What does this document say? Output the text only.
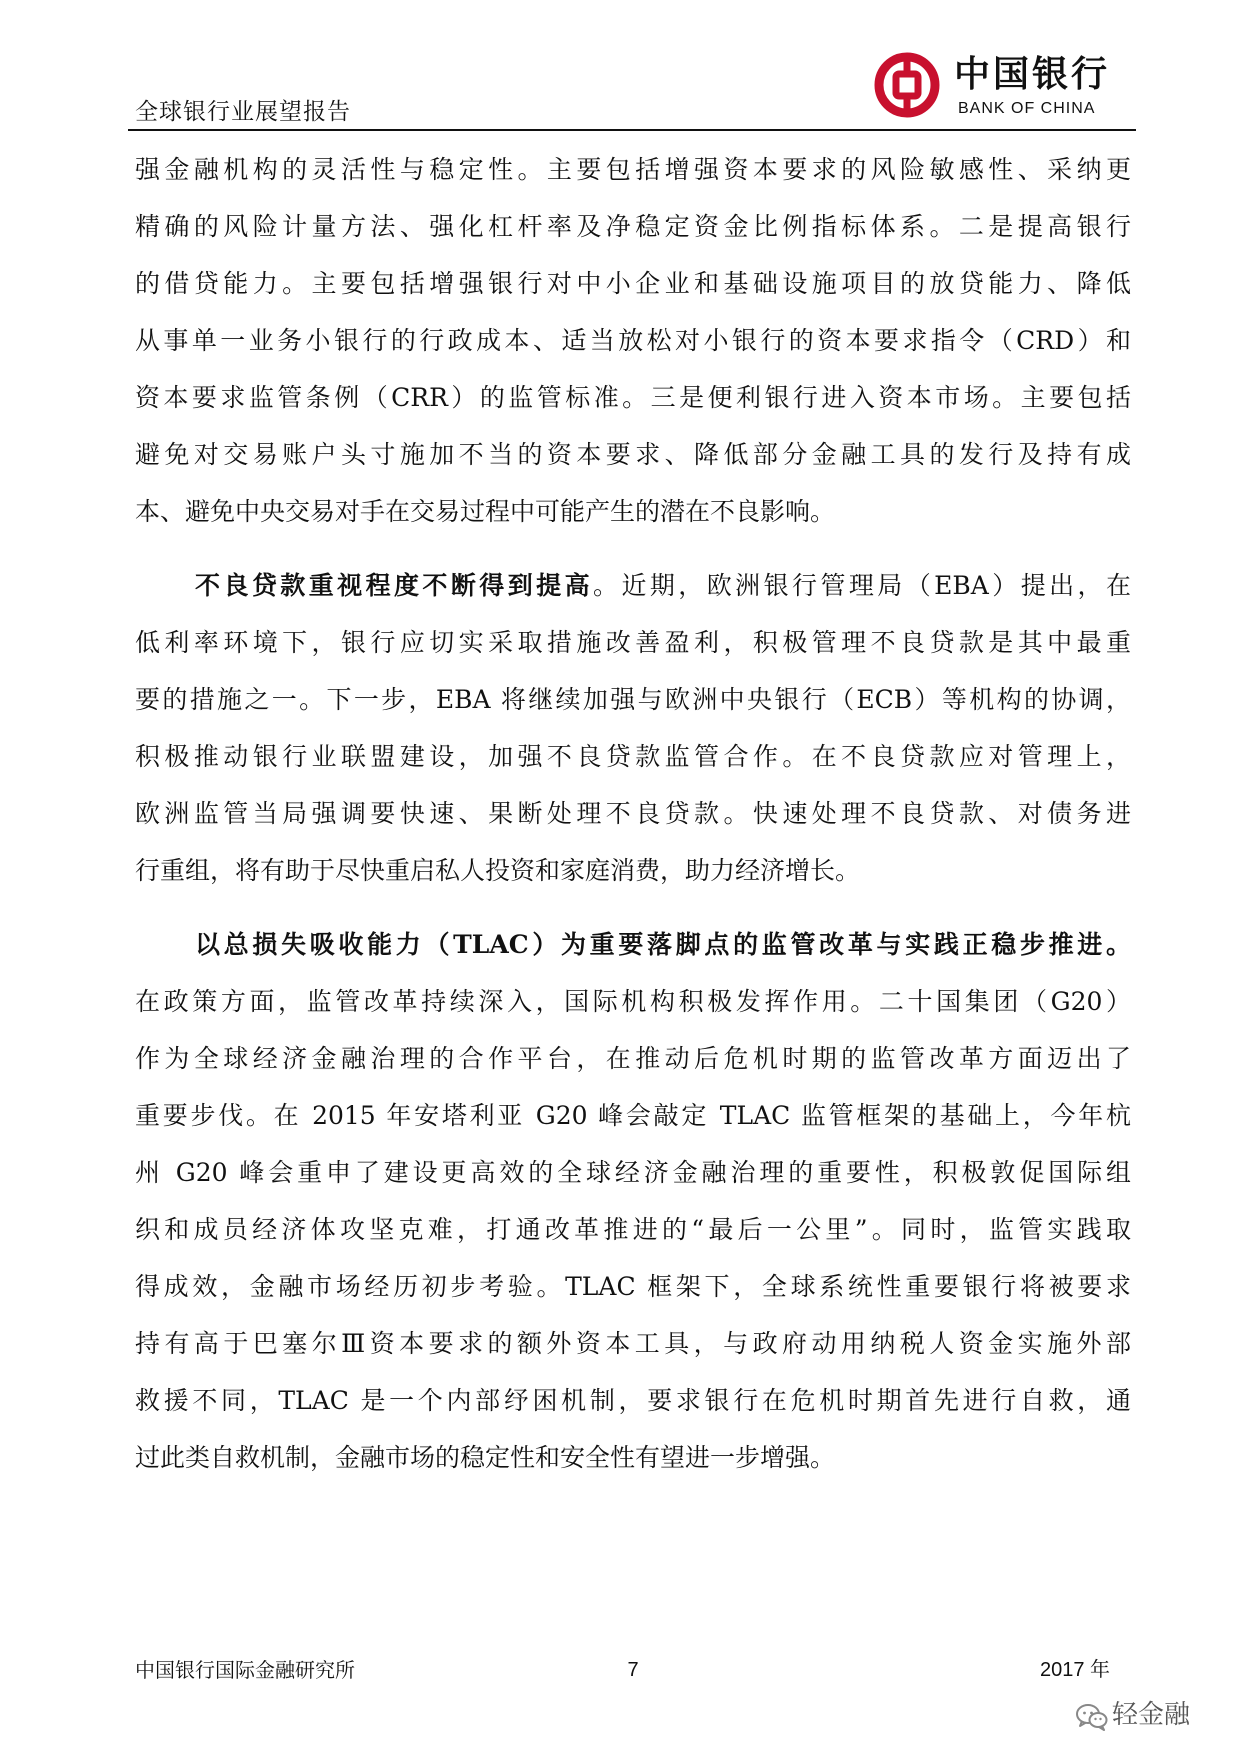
全球银行业展望报告
中国银行
BANK OF CHINA
强金融机构的灵活性与稳定性。主要包括增强资本要求的风险敏感性、采纳更
精确的风险计量方法、强化杠杆率及净稳定资金比例指标体系。二是提高银行
的借贷能力。主要包括增强银行对中小企业和基础设施项目的放贷能力、降低
从事单一业务小银行的行政成本、适当放松对小银行的资本要求指令（CRD）和
资本要求监管条例（CRR）的监管标准。三是便利银行进入资本市场。主要包括
避免对交易账户头寸施加不当的资本要求、降低部分金融工具的发行及持有成
本、避免中央交易对手在交易过程中可能产生的潜在不良影响。
不良贷款重视程度不断得到提高。近期，欧洲银行管理局（EBA）提出，在
低利率环境下，银行应切实采取措施改善盈利，积极管理不良贷款是其中最重
要的措施之一。下一步，EBA 将继续加强与欧洲中央银行（ECB）等机构的协调，
积极推动银行业联盟建设，加强不良贷款监管合作。在不良贷款应对管理上，
欧洲监管当局强调要快速、果断处理不良贷款。快速处理不良贷款、对债务进
行重组，将有助于尽快重启私人投资和家庭消费，助力经济增长。
以总损失吸收能力（TLAC）为重要落脚点的监管改革与实践正稳步推进。
在政策方面，监管改革持续深入，国际机构积极发挥作用。二十国集团（G20）
作为全球经济金融治理的合作平台，在推动后危机时期的监管改革方面迈出了
重要步伐。在 2015 年安塔利亚 G20 峰会敲定 TLAC 监管框架的基础上，今年杭
州 G20 峰会重申了建设更高效的全球经济金融治理的重要性，积极敦促国际组
织和成员经济体攻坚克难，打通改革推进的“最后一公里”。同时，监管实践取
得成效，金融市场经历初步考验。TLAC 框架下，全球系统性重要银行将被要求
持有高于巴塞尔Ⅲ资本要求的额外资本工具，与政府动用纳税人资金实施外部
救援不同，TLAC 是一个内部纾困机制，要求银行在危机时期首先进行自救，通
过此类自救机制，金融市场的稳定性和安全性有望进一步增强。
中国银行国际金融研究所	7	2017 年
轻金融
